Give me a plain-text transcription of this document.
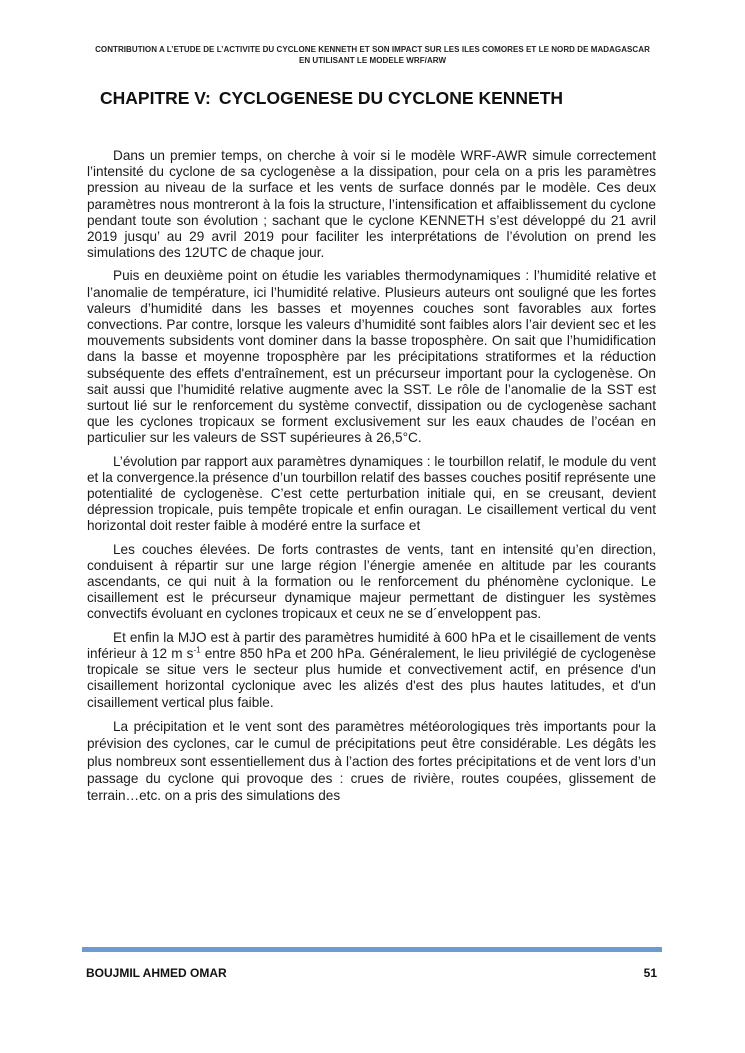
CONTRIBUTION A L’ETUDE DE L’ACTIVITE DU CYCLONE KENNETH ET SON IMPACT SUR LES ILES COMORES ET LE NORD DE MADAGASCAR
EN UTILISANT LE MODELE WRF/ARW
CHAPITRE V: CYCLOGENESE DU CYCLONE KENNETH

Dans un premier temps, on cherche à voir si le modèle WRF-AWR simule correctement l’intensité du cyclone de sa cyclogenèse a la dissipation, pour cela on a pris les paramètres pression au niveau de la surface et les vents de surface donnés par le modèle. Ces deux paramètres nous montreront à la fois la structure, l’intensification et affaiblissement du cyclone pendant toute son évolution ; sachant que le cyclone KENNETH s’est développé du 21 avril 2019 jusqu’ au 29 avril 2019 pour faciliter les interprétations de l’évolution on prend les simulations des 12UTC de chaque jour.

Puis en deuxième point on étudie les variables thermodynamiques : l’humidité relative et l’anomalie de température, ici l’humidité relative. Plusieurs auteurs ont souligné que les fortes valeurs d’humidité dans les basses et moyennes couches sont favorables aux fortes convections. Par contre, lorsque les valeurs d’humidité sont faibles alors l’air devient sec et les mouvements subsidents vont dominer dans la basse troposphère. On sait que l’humidification dans la basse et moyenne troposphère par les précipitations stratiformes et la réduction subséquente des effets d'entraînement, est un précurseur important pour la cyclogenèse. On sait aussi que l’humidité relative augmente avec la SST. Le rôle de l’anomalie de la SST est surtout lié sur le renforcement du système convectif, dissipation ou de cyclogenèse sachant que les cyclones tropicaux se forment exclusivement sur les eaux chaudes de l’océan en particulier sur les valeurs de SST supérieures à 26,5°C.

L’évolution par rapport aux paramètres dynamiques : le tourbillon relatif, le module du vent et la convergence.la présence d’un tourbillon relatif des basses couches positif représente une potentialité de cyclogenèse. C’est cette perturbation initiale qui, en se creusant, devient dépression tropicale, puis tempête tropicale et enfin ouragan. Le cisaillement vertical du vent horizontal doit rester faible à modéré entre la surface et

Les couches élevées. De forts contrastes de vents, tant en intensité qu’en direction, conduisent à répartir sur une large région l’énergie amenée en altitude par les courants ascendants, ce qui nuit à la formation ou le renforcement du phénomène cyclonique. Le cisaillement est le précurseur dynamique majeur permettant de distinguer les systèmes convectifs évoluant en cyclones tropicaux et ceux ne se d´enveloppent pas.

Et enfin la MJO est à partir des paramètres humidité à 600 hPa et le cisaillement de vents inférieur à 12 m $s^{-1}$ entre 850 hPa et 200 hPa. Généralement, le lieu privilégié de cyclogenèse tropicale se situe vers le secteur plus humide et convectivement actif, en présence d'un cisaillement horizontal cyclonique avec les alizés d'est des plus hautes latitudes, et d'un cisaillement vertical plus faible.

La précipitation et le vent sont des paramètres météorologiques très importants pour la prévision des cyclones, car le cumul de précipitations peut être considérable. Les dégâts les plus nombreux sont essentiellement dus à l’action des fortes précipitations et de vent lors d’un passage du cyclone qui provoque des : crues de rivière, routes coupées, glissement de terrain…etc. on a pris des simulations des

BOUJMIL AHMED OMAR	51
